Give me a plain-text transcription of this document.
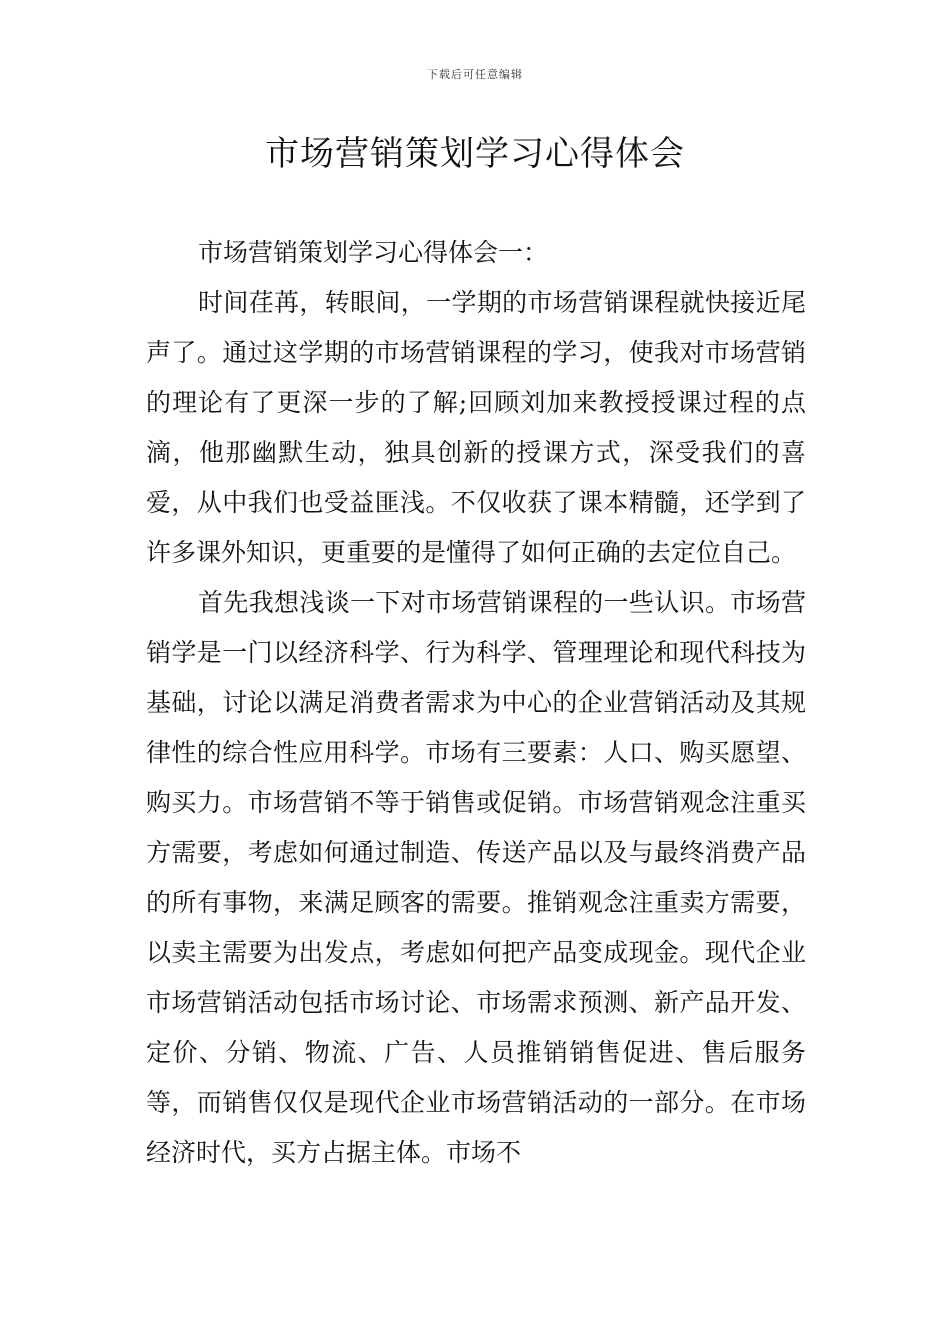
下载后可任意编辑
市场营销策划学习心得体会

市场营销策划学习心得体会一：

时间荏苒，转眼间，一学期的市场营销课程就快接近尾声了。通过这学期的市场营销课程的学习，使我对市场营销的理论有了更深一步的了解;回顾刘加来教授授课过程的点滴，他那幽默生动，独具创新的授课方式，深受我们的喜爱，从中我们也受益匪浅。不仅收获了课本精髓，还学到了许多课外知识，更重要的是懂得了如何正确的去定位自己。

首先我想浅谈一下对市场营销课程的一些认识。市场营销学是一门以经济科学、行为科学、管理理论和现代科技为基础，讨论以满足消费者需求为中心的企业营销活动及其规律性的综合性应用科学。市场有三要素：人口、购买愿望、购买力。市场营销不等于销售或促销。市场营销观念注重买方需要，考虑如何通过制造、传送产品以及与最终消费产品的所有事物，来满足顾客的需要。推销观念注重卖方需要，以卖主需要为出发点，考虑如何把产品变成现金。现代企业市场营销活动包括市场讨论、市场需求预测、新产品开发、定价、分销、物流、广告、人员推销销售促进、售后服务等，而销售仅仅是现代企业市场营销活动的一部分。在市场经济时代，买方占据主体。市场不
